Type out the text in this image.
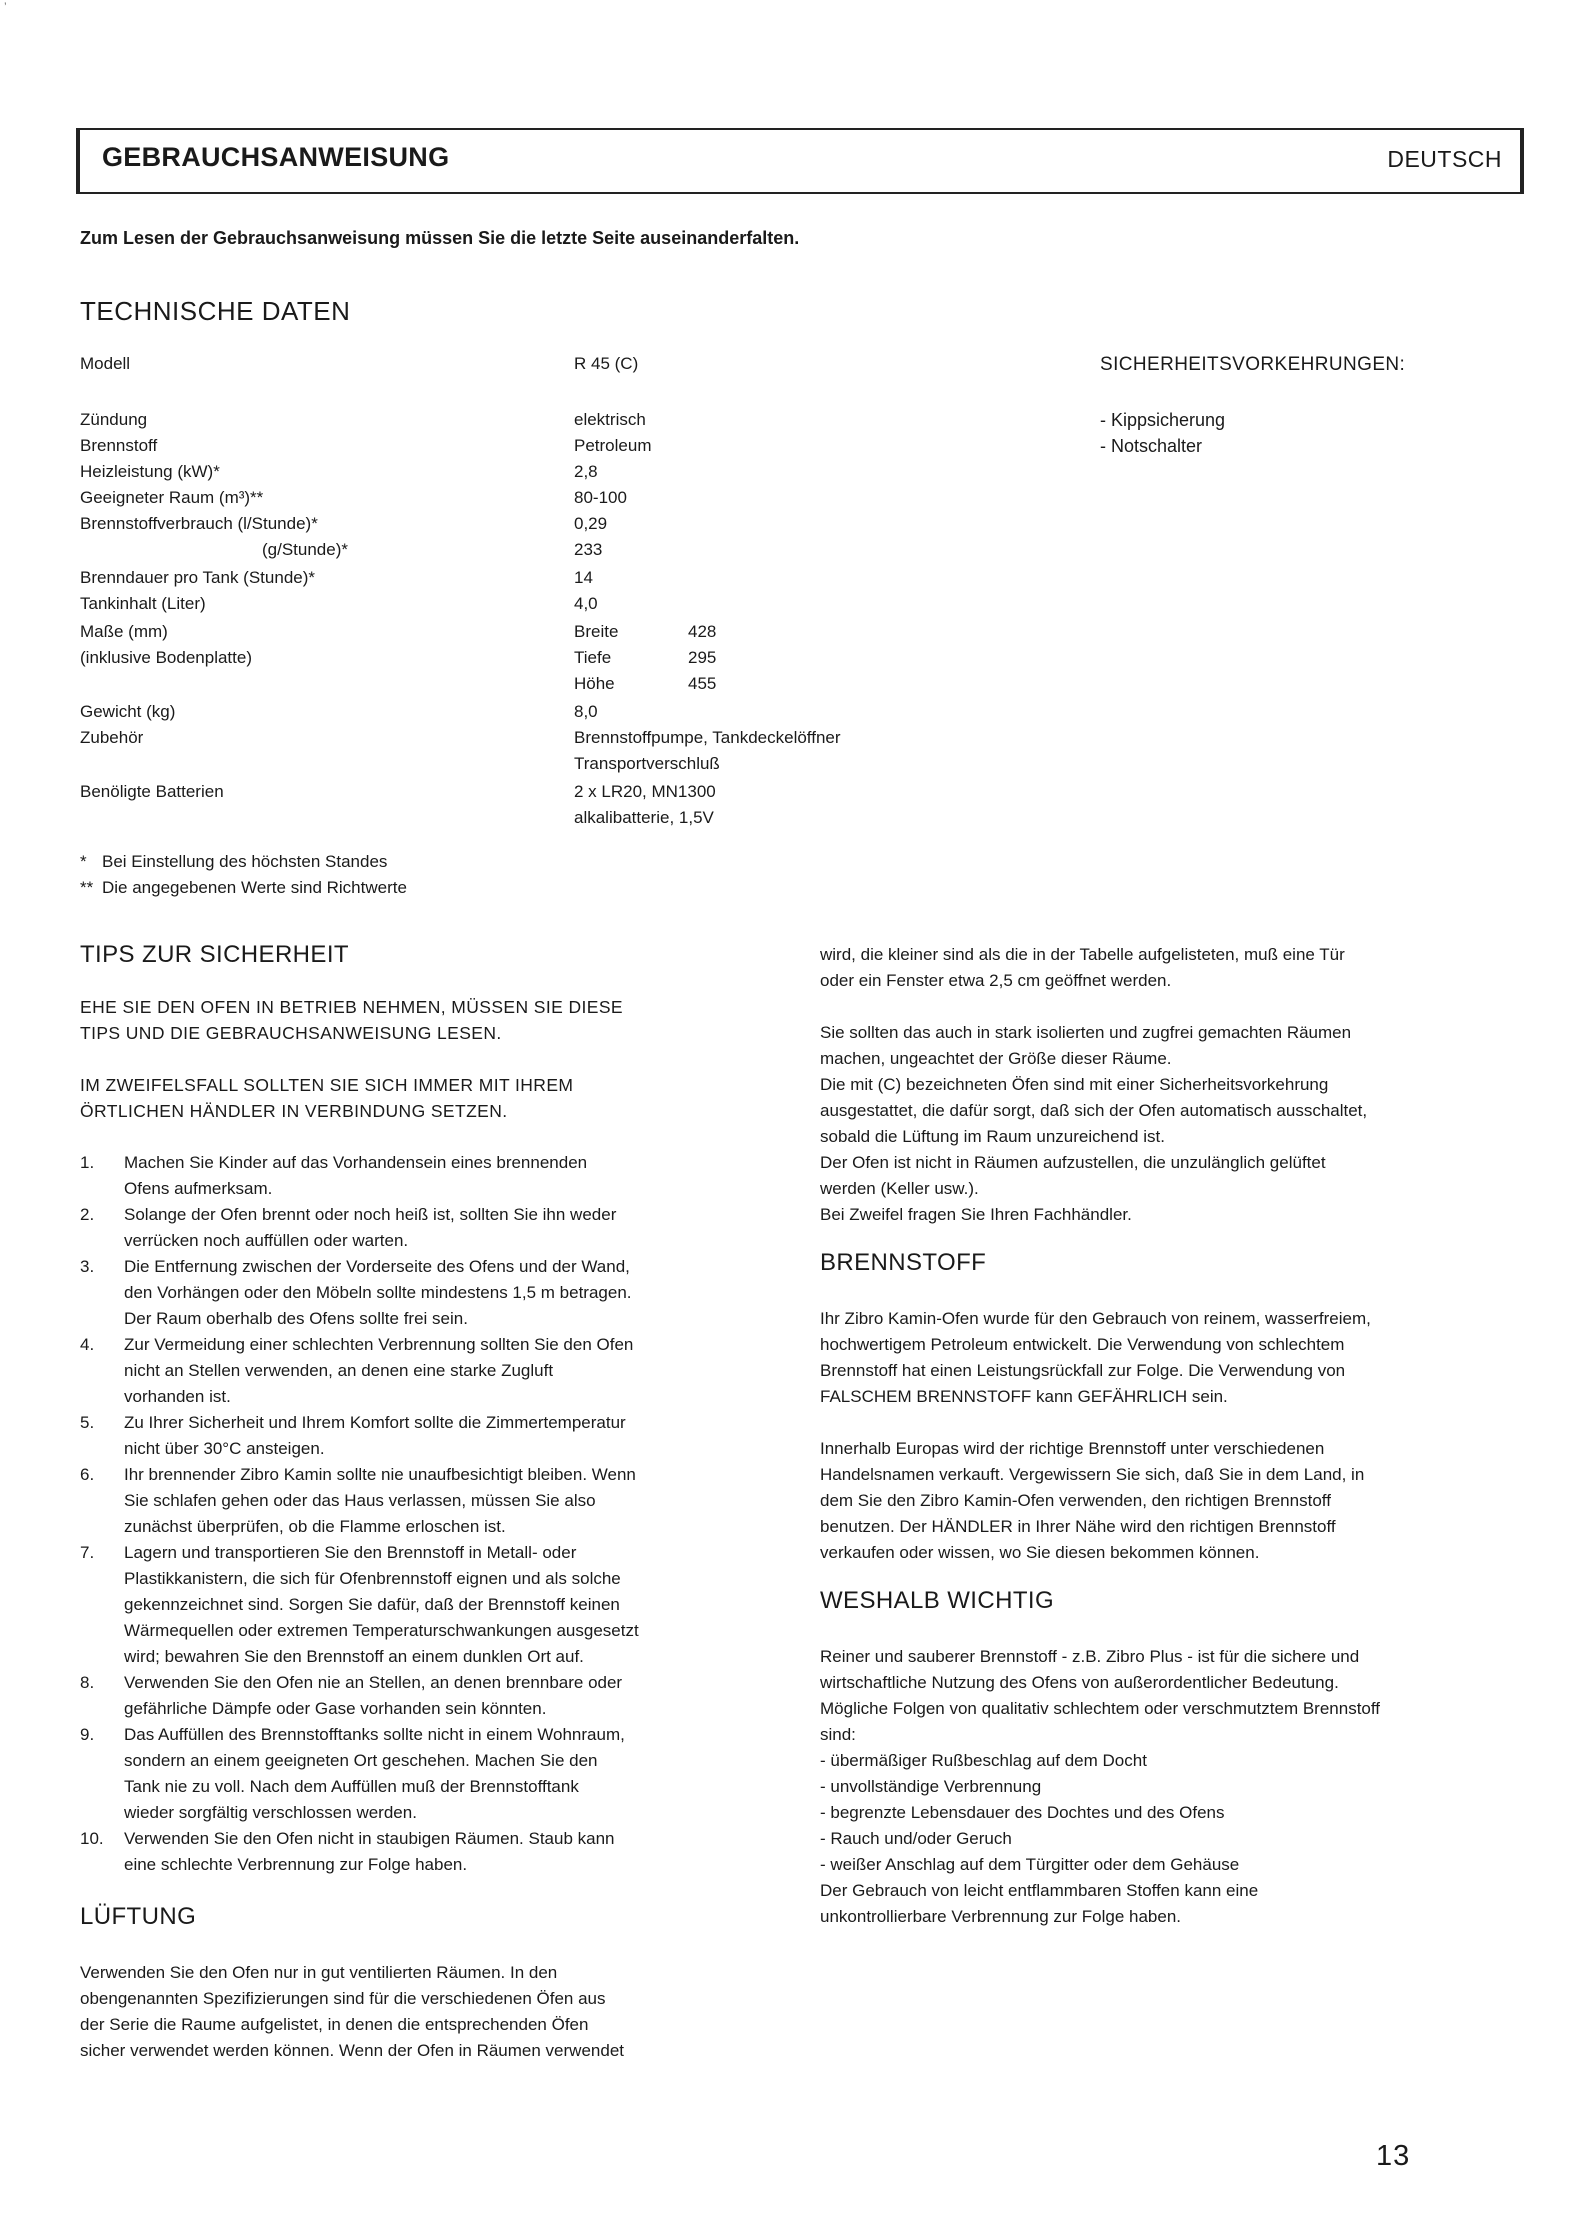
’
GEBRAUCHSANWEISUNG	DEUTSCH
Zum Lesen der Gebrauchsanweisung müssen Sie die letzte Seite auseinanderfalten.
TECHNISCHE DATEN
Modell	R 45 (C)
Zündung	elektrisch
Brennstoff	Petroleum
Heizleistung (kW)*	2,8
Geeigneter Raum (m³)**	80-100
Brennstoffverbrauch (l/Stunde)*	0,29
(g/Stunde)*	233
Brenndauer pro Tank (Stunde)*	14
Tankinhalt (Liter)	4,0
Maße (mm)	Breite	428
(inklusive Bodenplatte)	Tiefe	295
Höhe	455
Gewicht (kg)	8,0
Zubehör	Brennstoffpumpe, Tankdeckelöffner
Transportverschluß
Benöligte Batterien	2 x LR20, MN1300
alkalibatterie, 1,5V
SICHERHEITSVORKEHRUNGEN:
- Kippsicherung
- Notschalter
* Bei Einstellung des höchsten Standes
** Die angegebenen Werte sind Richtwerte
TIPS ZUR SICHERHEIT
EHE SIE DEN OFEN IN BETRIEB NEHMEN, MÜSSEN SIE DIESE
TIPS UND DIE GEBRAUCHSANWEISUNG LESEN.
IM ZWEIFELSFALL SOLLTEN SIE SICH IMMER MIT IHREM
ÖRTLICHEN HÄNDLER IN VERBINDUNG SETZEN.
1. Machen Sie Kinder auf das Vorhandensein eines brennenden
Ofens aufmerksam.
2. Solange der Ofen brennt oder noch heiß ist, sollten Sie ihn weder
verrücken noch auffüllen oder warten.
3. Die Entfernung zwischen der Vorderseite des Ofens und der Wand,
den Vorhängen oder den Möbeln sollte mindestens 1,5 m betragen.
Der Raum oberhalb des Ofens sollte frei sein.
4. Zur Vermeidung einer schlechten Verbrennung sollten Sie den Ofen
nicht an Stellen verwenden, an denen eine starke Zugluft
vorhanden ist.
5. Zu Ihrer Sicherheit und Ihrem Komfort sollte die Zimmertemperatur
nicht über 30°C ansteigen.
6. Ihr brennender Zibro Kamin sollte nie unaufbesichtigt bleiben. Wenn
Sie schlafen gehen oder das Haus verlassen, müssen Sie also
zunächst überprüfen, ob die Flamme erloschen ist.
7. Lagern und transportieren Sie den Brennstoff in Metall- oder
Plastikkanistern, die sich für Ofenbrennstoff eignen und als solche
gekennzeichnet sind. Sorgen Sie dafür, daß der Brennstoff keinen
Wärmequellen oder extremen Temperaturschwankungen ausgesetzt
wird; bewahren Sie den Brennstoff an einem dunklen Ort auf.
8. Verwenden Sie den Ofen nie an Stellen, an denen brennbare oder
gefährliche Dämpfe oder Gase vorhanden sein könnten.
9. Das Auffüllen des Brennstofftanks sollte nicht in einem Wohnraum,
sondern an einem geeigneten Ort geschehen. Machen Sie den
Tank nie zu voll. Nach dem Auffüllen muß der Brennstofftank
wieder sorgfältig verschlossen werden.
10. Verwenden Sie den Ofen nicht in staubigen Räumen. Staub kann
eine schlechte Verbrennung zur Folge haben.
LÜFTUNG
Verwenden Sie den Ofen nur in gut ventilierten Räumen. In den
obengenannten Spezifizierungen sind für die verschiedenen Öfen aus
der Serie die Raume aufgelistet, in denen die entsprechenden Öfen
sicher verwendet werden können. Wenn der Ofen in Räumen verwendet
wird, die kleiner sind als die in der Tabelle aufgelisteten, muß eine Tür
oder ein Fenster etwa 2,5 cm geöffnet werden.
Sie sollten das auch in stark isolierten und zugfrei gemachten Räumen
machen, ungeachtet der Größe dieser Räume.
Die mit (C) bezeichneten Öfen sind mit einer Sicherheitsvorkehrung
ausgestattet, die dafür sorgt, daß sich der Ofen automatisch ausschaltet,
sobald die Lüftung im Raum unzureichend ist.
Der Ofen ist nicht in Räumen aufzustellen, die unzulänglich gelüftet
werden (Keller usw.).
Bei Zweifel fragen Sie Ihren Fachhändler.
BRENNSTOFF
Ihr Zibro Kamin-Ofen wurde für den Gebrauch von reinem, wasserfreiem,
hochwertigem Petroleum entwickelt. Die Verwendung von schlechtem
Brennstoff hat einen Leistungsrückfall zur Folge. Die Verwendung von
FALSCHEM BRENNSTOFF kann GEFÄHRLICH sein.
Innerhalb Europas wird der richtige Brennstoff unter verschiedenen
Handelsnamen verkauft. Vergewissern Sie sich, daß Sie in dem Land, in
dem Sie den Zibro Kamin-Ofen verwenden, den richtigen Brennstoff
benutzen. Der HÄNDLER in Ihrer Nähe wird den richtigen Brennstoff
verkaufen oder wissen, wo Sie diesen bekommen können.
WESHALB WICHTIG
Reiner und sauberer Brennstoff - z.B. Zibro Plus - ist für die sichere und
wirtschaftliche Nutzung des Ofens von außerordentlicher Bedeutung.
Mögliche Folgen von qualitativ schlechtem oder verschmutztem Brennstoff
sind:
- übermäßiger Rußbeschlag auf dem Docht
- unvollständige Verbrennung
- begrenzte Lebensdauer des Dochtes und des Ofens
- Rauch und/oder Geruch
- weißer Anschlag auf dem Türgitter oder dem Gehäuse
Der Gebrauch von leicht entflammbaren Stoffen kann eine
unkontrollierbare Verbrennung zur Folge haben.
13
